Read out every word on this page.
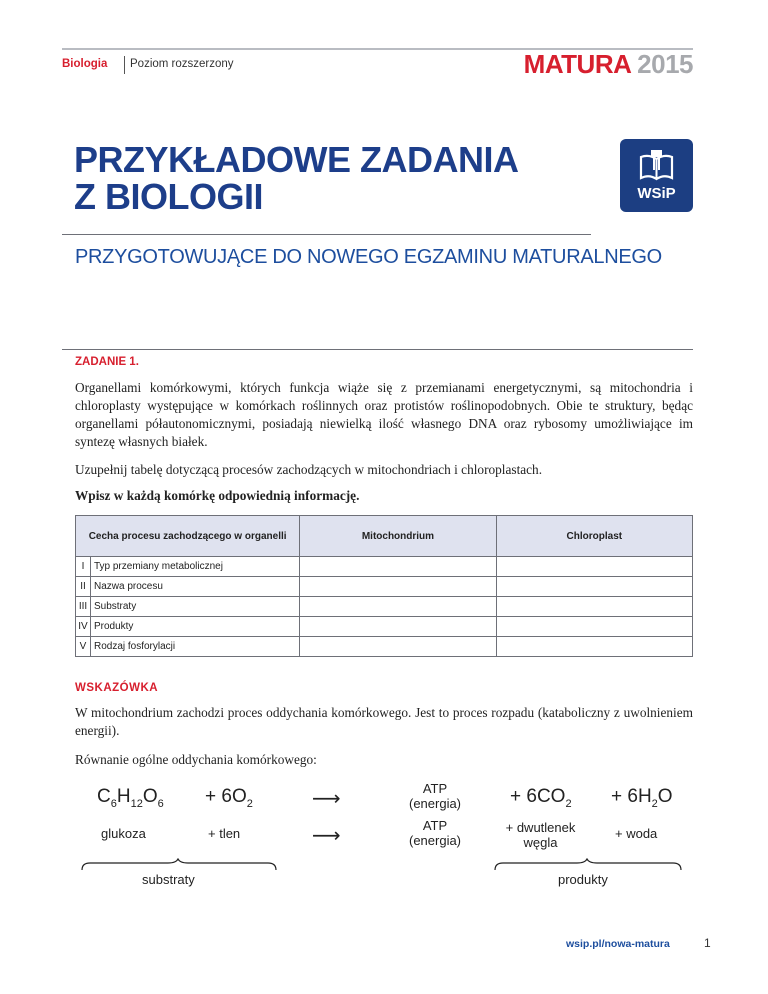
Biologia Poziom rozszerzony	MATURA 2015
PRZYKŁADOWE ZADANIA
Z BIOLOGII	WSiP
PRZYGOTOWUJĄCE DO NOWEGO EGZAMINU MATURALNEGO
ZADANIE 1.
Organellami komórkowymi, których funkcja wiąże się z przemianami energetycznymi, są mitochondria i chloroplasty występujące w komórkach roślinnych oraz protistów roślinopodobnych. Obie te struktury, będąc organellami półautonomicznymi, posiadają niewielką ilość własnego DNA oraz rybosomy umożliwiające im syntezę własnych białek.
Uzupełnij tabelę dotyczącą procesów zachodzących w mitochondriach i chloroplastach.
Wpisz w każdą komórkę odpowiednią informację.
Cecha procesu zachodzącego w organelli		Mitochondrium	Chloroplast
I	Typ przemiany metabolicznej		
II	Nazwa procesu		
III	Substraty		
IV	Produkty		
V	Rodzaj fosforylacji		
WSKAZÓWKA
W mitochondrium zachodzi proces oddychania komórkowego. Jest to proces rozpadu (kataboliczny z uwolnieniem energii).
Równanie ogólne oddychania komórkowego:
$C_6H_{12}O_6 + 6O_2$	⟶	ATP
(energia)	+ $6CO_2 + 6H_2O$
glukoza	+ tlen	⟶	ATP
(energia)
+ dwutlenek
węgla
+ woda
substraty	produkty
wsip.pl/nowa-matura	1
